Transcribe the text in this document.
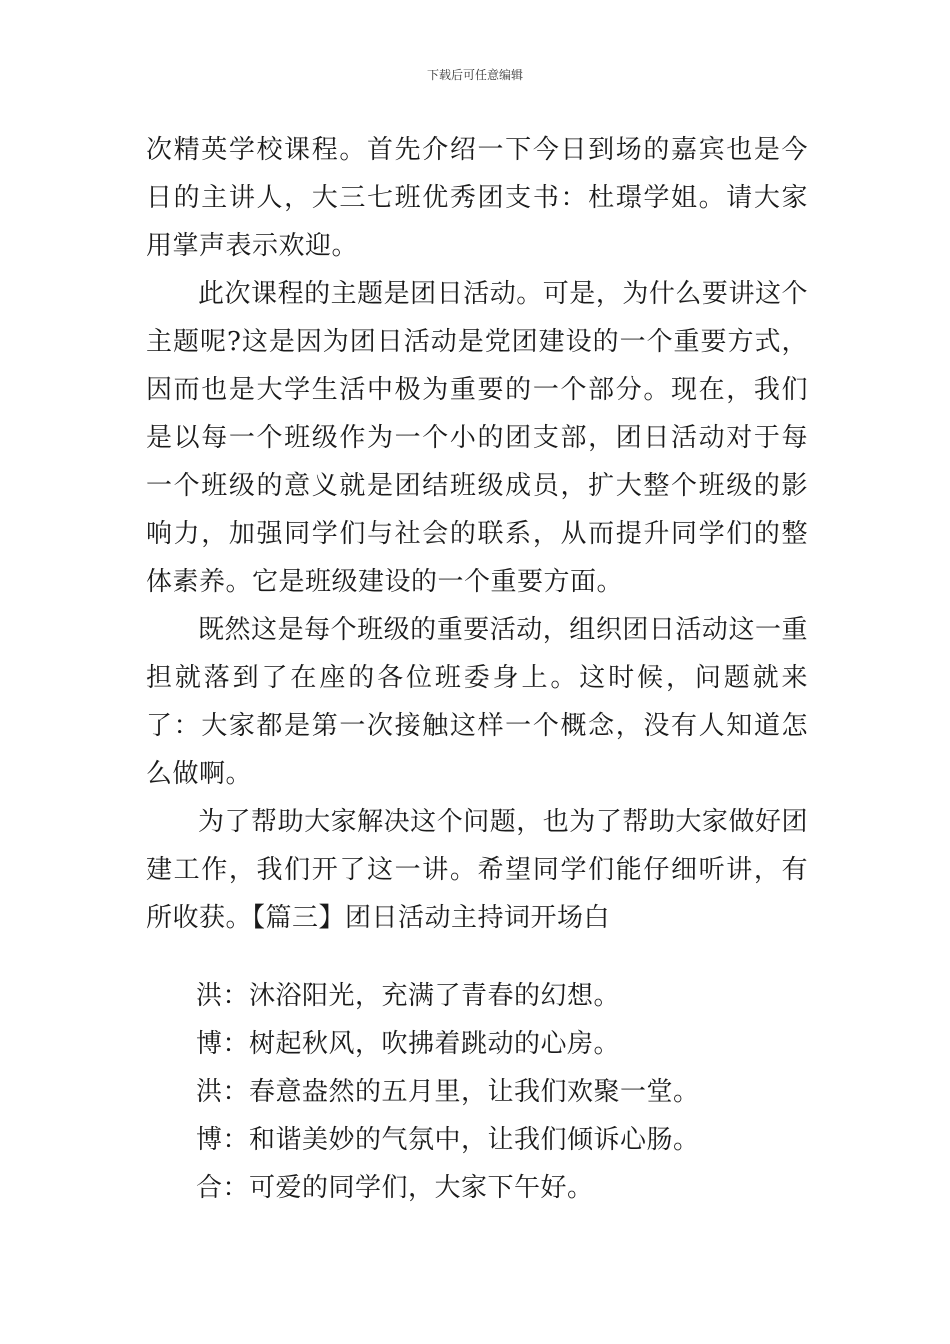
下载后可任意编辑

次精英学校课程。首先介绍一下今日到场的嘉宾也是今日的主讲人，大三七班优秀团支书：杜璟学姐。请大家用掌声表示欢迎。

此次课程的主题是团日活动。可是，为什么要讲这个主题呢?这是因为团日活动是党团建设的一个重要方式，因而也是大学生活中极为重要的一个部分。现在，我们是以每一个班级作为一个小的团支部，团日活动对于每一个班级的意义就是团结班级成员，扩大整个班级的影响力，加强同学们与社会的联系，从而提升同学们的整体素养。它是班级建设的一个重要方面。

既然这是每个班级的重要活动，组织团日活动这一重担就落到了在座的各位班委身上。这时候，问题就来了：大家都是第一次接触这样一个概念，没有人知道怎么做啊。

为了帮助大家解决这个问题，也为了帮助大家做好团建工作，我们开了这一讲。希望同学们能仔细听讲，有所收获。【篇三】团日活动主持词开场白

洪：沐浴阳光，充满了青春的幻想。

博：树起秋风，吹拂着跳动的心房。

洪：春意盎然的五月里，让我们欢聚一堂。

博：和谐美妙的气氛中，让我们倾诉心肠。

合：可爱的同学们，大家下午好。
